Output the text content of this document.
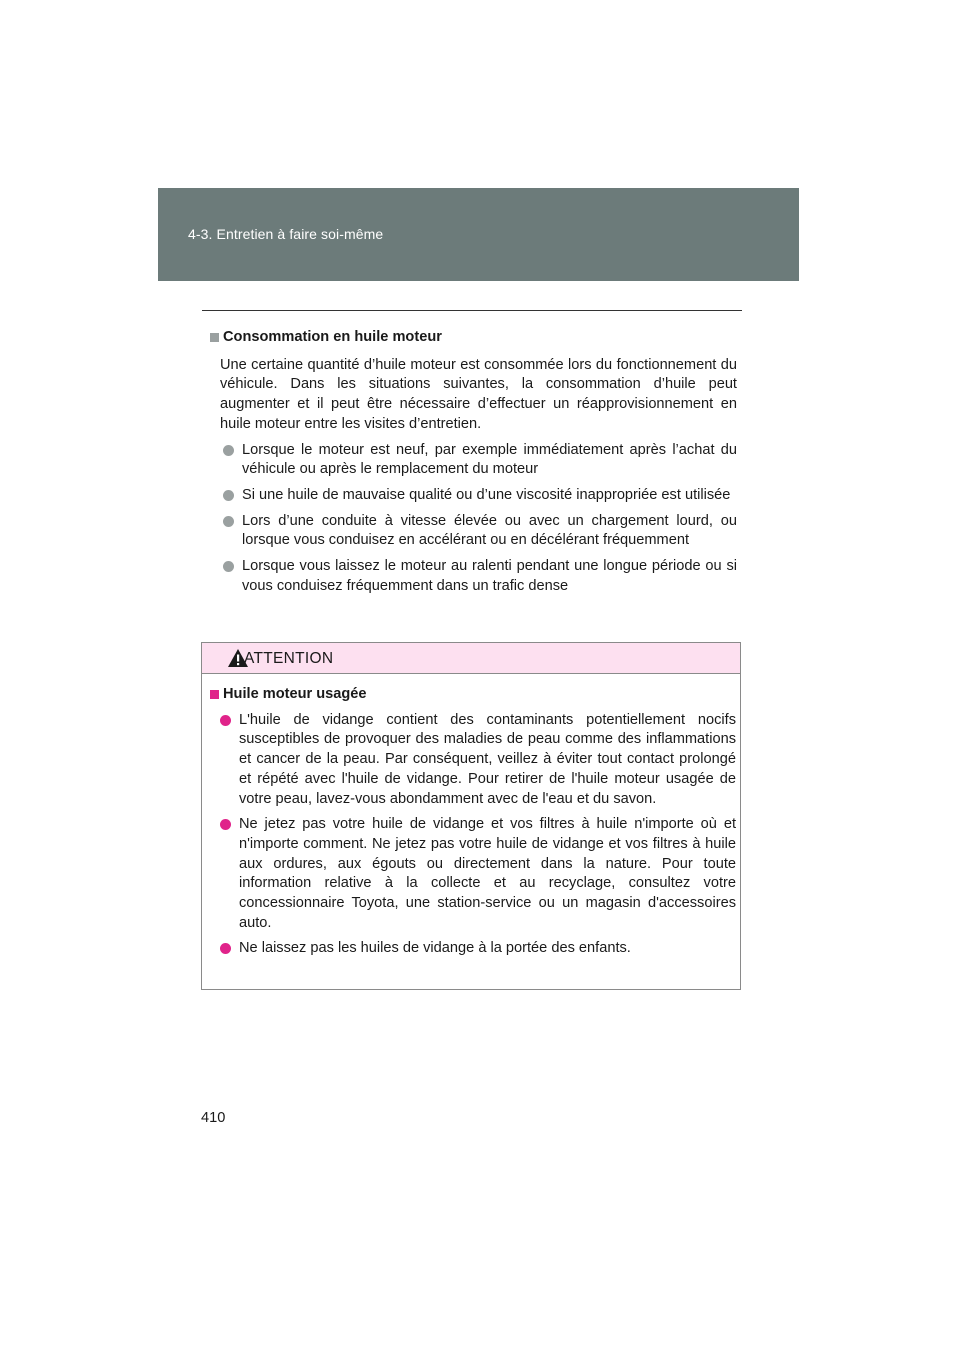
4-3. Entretien à faire soi-même
Consommation en huile moteur
Une certaine quantité d’huile moteur est consommée lors du fonctionnement du véhicule. Dans les situations suivantes, la consommation d’huile peut augmenter et il peut être nécessaire d’effectuer un réapprovisionnement en huile moteur entre les visites d’entretien.
Lorsque le moteur est neuf, par exemple immédiatement après l’achat du véhicule ou après le remplacement du moteur
Si une huile de mauvaise qualité ou d’une viscosité inappropriée est utilisée
Lors d’une conduite à vitesse élevée ou avec un chargement lourd, ou lorsque vous conduisez en accélérant ou en décélérant fréquemment
Lorsque vous laissez le moteur au ralenti pendant une longue période ou si vous conduisez fréquemment dans un trafic dense
ATTENTION
Huile moteur usagée
L'huile de vidange contient des contaminants potentiellement nocifs susceptibles de provoquer des maladies de peau comme des inflammations et cancer de la peau. Par conséquent, veillez à éviter tout contact prolongé et répété avec l'huile de vidange. Pour retirer de l'huile moteur usagée de votre peau, lavez-vous abondamment avec de l'eau et du savon.
Ne jetez pas votre huile de vidange et vos filtres à huile n'importe où et n'importe comment. Ne jetez pas votre huile de vidange et vos filtres à huile aux ordures, aux égouts ou directement dans la nature. Pour toute information relative à la collecte et au recyclage, consultez votre concessionnaire Toyota, une station-service ou un magasin d'accessoires auto.
Ne laissez pas les huiles de vidange à la portée des enfants.
410
